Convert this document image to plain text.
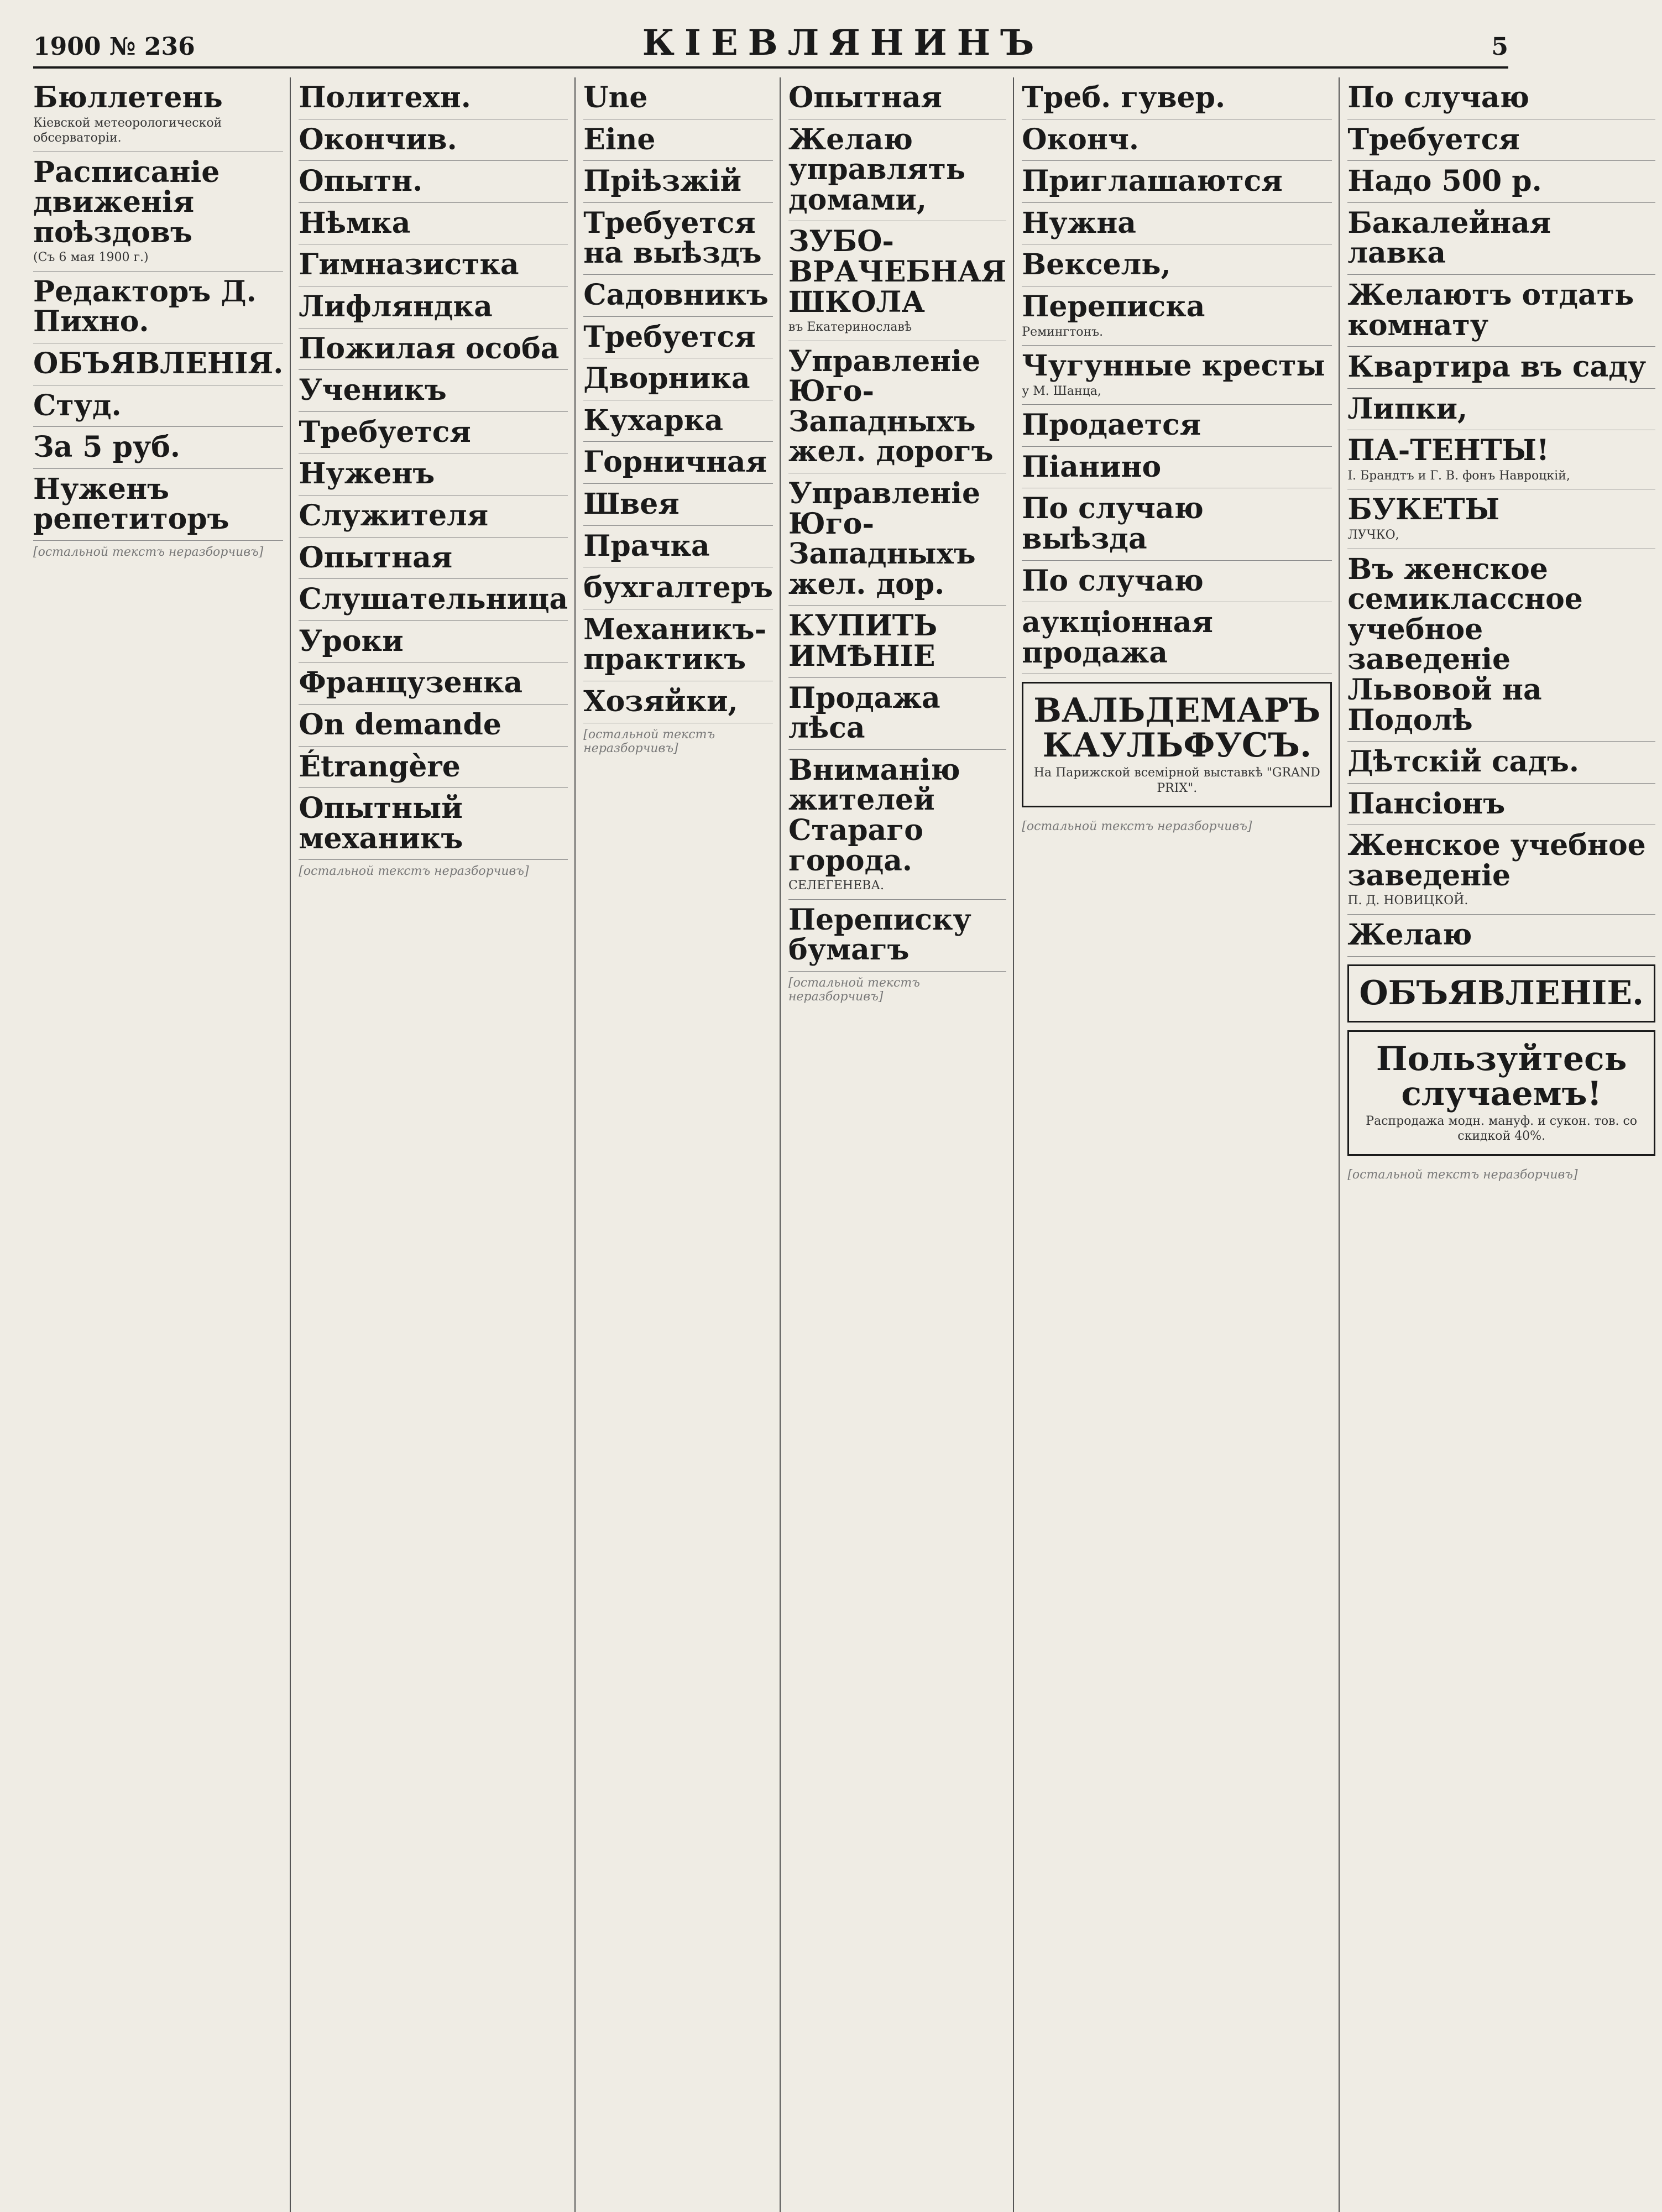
1900 № 236	КІЕВЛЯНИНЪ	5
Бюллетень
Кіевской метеорологической обсерваторіи.
Расписаніе движенія поѣздовъ
(Съ 6 мая 1900 г.)
Редакторъ Д. Пихно.
ОБЪЯВЛЕНІЯ.
Студ.
За 5 руб.
Нуженъ репетиторъ
[остальной текстъ неразборчивъ]
Политехн.
Окончив.
Опытн.
Нѣмка
Гимназистка
Лифляндка
Пожилая особа
Ученикъ
Требуется
Нуженъ
Служителя
Опытная
Слушательница
Уроки
Французенка
On demande
Étrangère
Опытный механикъ
[остальной текстъ неразборчивъ]
Une
Eine
Пріѣзжій
Требуется на выѣздъ
Садовникъ
Требуется
Дворника
Кухарка
Горничная
Швея
Прачка
бухгалтеръ
Механикъ-практикъ
Хозяйки,
[остальной текстъ неразборчивъ]
Опытная
Желаю управлять домами,
ЗУБО-ВРАЧЕБНАЯ ШКОЛА
въ Екатеринославѣ
Управленіе Юго-Западныхъ жел. дорогъ
Управленіе Юго-Западныхъ жел. дор.
КУПИТЬ ИМѢНІЕ
Продажа лѣса
Вниманію жителей Стараго города.
СЕЛЕГЕНЕВА.
Переписку бумагъ
[остальной текстъ неразборчивъ]
Треб. гувер.
Оконч.
Приглашаются
Нужна
Вексель,
Переписка
Ремингтонъ.
Чугунные кресты
у М. Шанца,
Продается
Піанино
По случаю выѣзда
По случаю
аукціонная продажа
ВАЛЬДЕМАРЪ КАУЛЬФУСЪ.
На Парижской всемірной выставкѣ "GRAND PRIX".
[остальной текстъ неразборчивъ]
По случаю
Требуется
Надо 500 р.
Бакалейная лавка
Желаютъ отдать комнату
Квартира въ саду
Липки,
ПА-ТЕНТЫ!
I. Брандтъ и Г. В. фонъ Навроцкій,
БУКЕТЫ
ЛУЧКО,
Въ женское семиклассное учебное заведеніе Львовой на Подолѣ
Дѣтскій садъ.
Пансіонъ
Женское учебное заведеніе
П. Д. НОВИЦКОЙ.
Желаю
ОБЪЯВЛЕНІЕ.
Пользуйтесь случаемъ!
Распродажа модн. мануф. и сукон. тов. со скидкой 40%.
[остальной текстъ неразборчивъ]
